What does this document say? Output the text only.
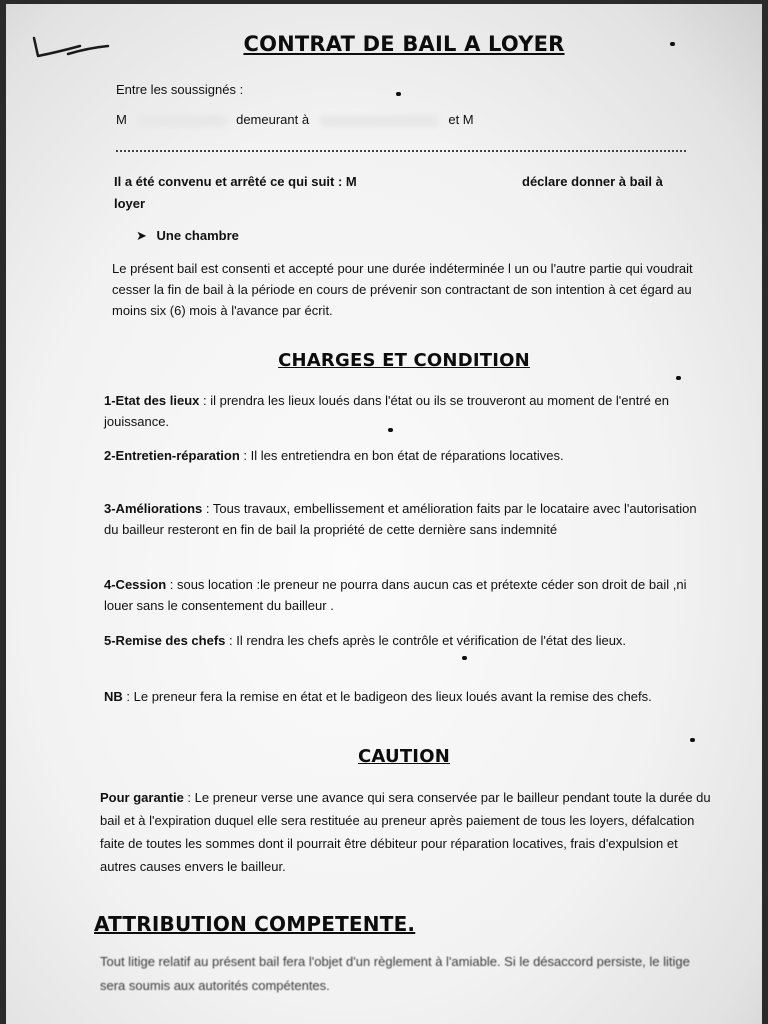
CONTRAT DE BAIL A LOYER
Entre les soussignés :
M	demeurant à	et M
Il a été convenu et arrêté ce qui suit : M	déclare donner à bail à
loyer
➤ Une chambre
Le présent bail est consenti et accepté pour une durée indéterminée l un ou l'autre partie qui voudrait cesser la fin de bail à la période en cours de prévenir son contractant de son intention à cet égard au moins six (6) mois à l'avance par écrit.
CHARGES ET CONDITION
1-Etat des lieux : il prendra les lieux loués dans l'état ou ils se trouveront au moment de l'entré en jouissance.
2-Entretien-réparation : Il les entretiendra en bon état de réparations locatives.
3-Améliorations : Tous travaux, embellissement et amélioration faits par le locataire avec l'autorisation du bailleur resteront en fin de bail la propriété de cette dernière sans indemnité
4-Cession : sous location :le preneur ne pourra dans aucun cas et prétexte céder son droit de bail ,ni louer sans le consentement du bailleur .
5-Remise des chefs : Il rendra les chefs après le contrôle et vérification de l'état des lieux.
NB : Le preneur fera la remise en état et le badigeon des lieux loués avant la remise des chefs.
CAUTION
Pour garantie : Le preneur verse une avance qui sera conservée par le bailleur pendant toute la durée du bail et à l'expiration duquel elle sera restituée au preneur après paiement de tous les loyers, défalcation faite de toutes les sommes dont il pourrait être débiteur pour réparation locatives, frais d'expulsion et autres causes envers le bailleur.
ATTRIBUTION COMPETENTE.
Tout litige relatif au présent bail fera l'objet d'un règlement à l'amiable. Si le désaccord persiste, le litige sera soumis aux autorités compétentes.
